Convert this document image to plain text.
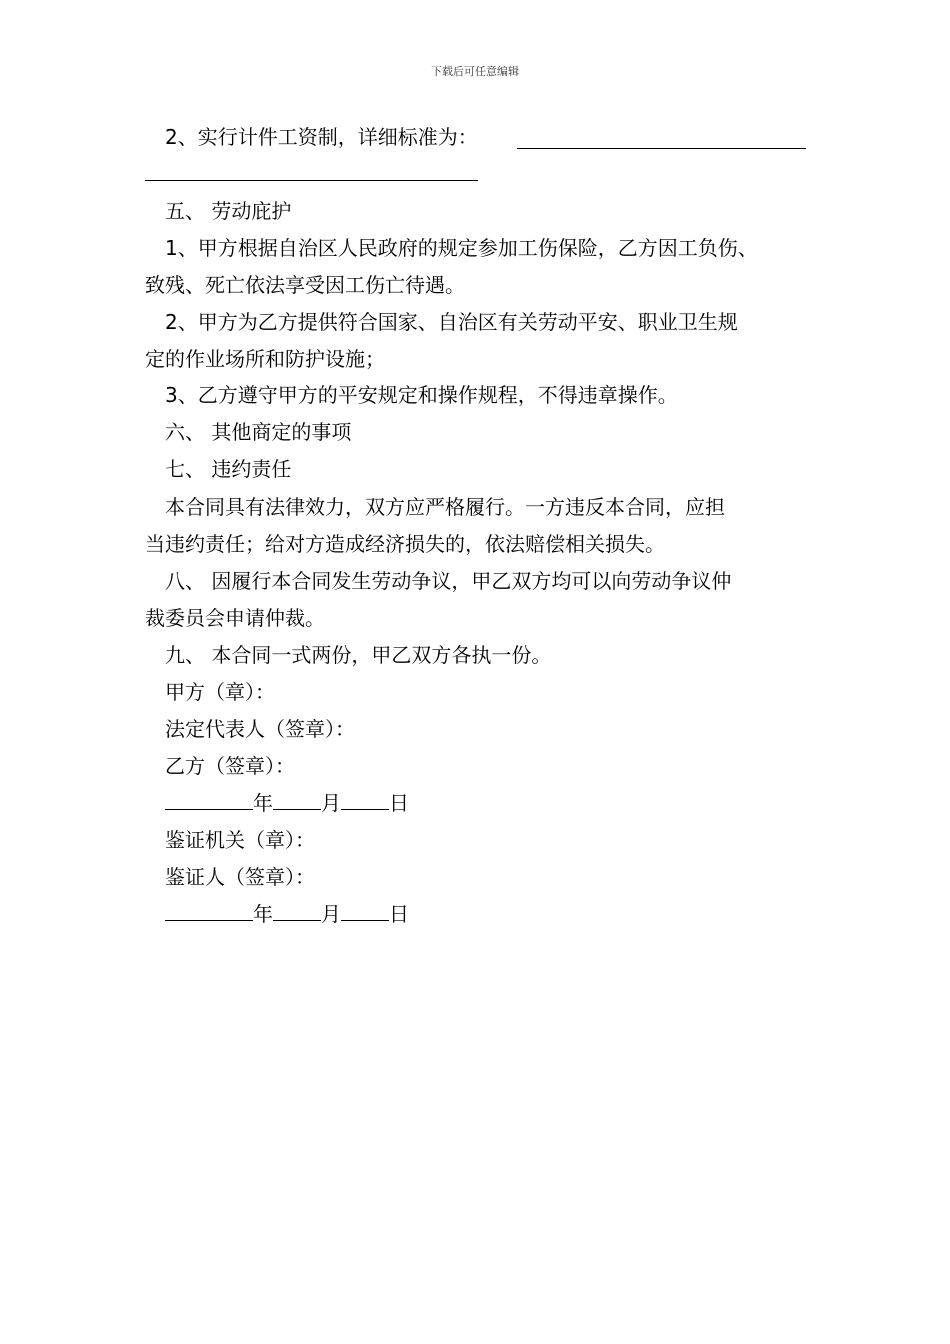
下载后可任意编辑
2、实行计件工资制，详细标准为：
五、 劳动庇护
1、甲方根据自治区人民政府的规定参加工伤保险，乙方因工负伤、
致残、死亡依法享受因工伤亡待遇。
2、甲方为乙方提供符合国家、自治区有关劳动平安、职业卫生规
定的作业场所和防护设施；
3、乙方遵守甲方的平安规定和操作规程，不得违章操作。
六、 其他商定的事项
七、 违约责任
本合同具有法律效力，双方应严格履行。一方违反本合同，应担
当违约责任；给对方造成经济损失的，依法赔偿相关损失。
八、 因履行本合同发生劳动争议，甲乙双方均可以向劳动争议仲
裁委员会申请仲裁。
九、 本合同一式两份，甲乙双方各执一份。
甲方（章）：
法定代表人（签章）：
乙方（签章）：
年 月 日
鉴证机关（章）：
鉴证人（签章）：
年 月 日
